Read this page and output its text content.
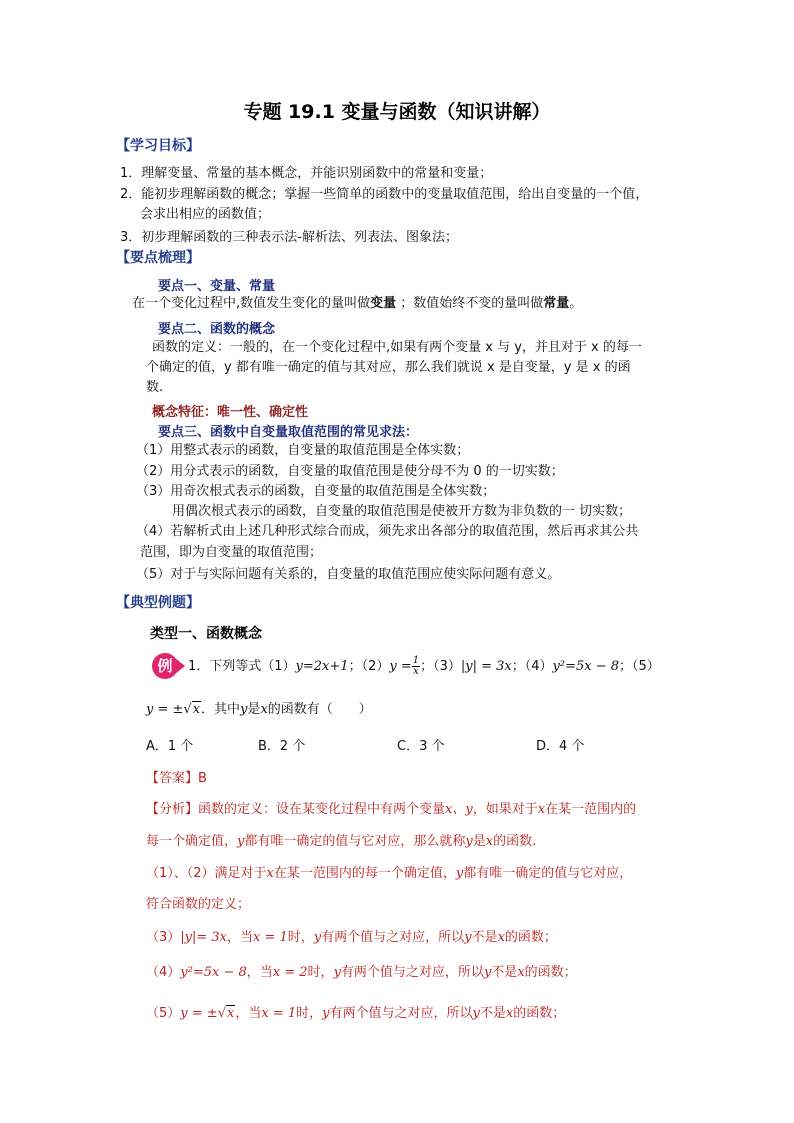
专题 19.1 变量与函数（知识讲解）
【学习目标】
1．理解变量、常量的基本概念，并能识别函数中的常量和变量；
2．能初步理解函数的概念；掌握一些简单的函数中的变量取值范围，给出自变量的一个值，
会求出相应的函数值；
3．初步理解函数的三种表示法-解析法、列表法、图象法；
【要点梳理】
要点一、变量、常量
在一个变化过程中,数值发生变化的量叫做变量 ；数值始终不变的量叫做常量。
要点二、函数的概念
函数的定义：一般的，在一个变化过程中,如果有两个变量 x 与 y，并且对于 x 的每一
个确定的值，y 都有唯一确定的值与其对应，那么我们就说 x 是自变量，y 是 x 的函
数.
概念特征：唯一性、确定性
要点三、函数中自变量取值范围的常见求法：
（1）用整式表示的函数，自变量的取值范围是全体实数；
（2）用分式表示的函数，自变量的取值范围是使分母不为 0 的一切实数；
（3）用奇次根式表示的函数，自变量的取值范围是全体实数；
用偶次根式表示的函数，自变量的取值范围是使被开方数为非负数的一 切实数；
（4）若解析式由上述几种形式综合而成，须先求出各部分的取值范围，然后再求其公共
范围，即为自变量的取值范围；
（5）对于与实际问题有关系的，自变量的取值范围应使实际问题有意义。
【典型例题】
类型一、函数概念
例	1．下列等式（1）y=2x+1；$(2)y = \frac{1}{x}$ ；（3）|y| = 3x；（4）y²=5x − 8；（5）
y = ±√x．其中y是x的函数有（　　）
A．1 个	B．2 个	C．3 个	D．4 个
【答案】B
【分析】函数的定义：设在某变化过程中有两个变量x、y，如果对于x在某一范围内的
每一个确定值，y都有唯一确定的值与它对应，那么就称y是x的函数.
（1）、（2）满足对于x在某一范围内的每一个确定值，y都有唯一确定的值与它对应，
符合函数的定义；
（3）|y|= 3x，当x = 1时，y有两个值与之对应，所以y不是x的函数；
（4）y²=5x − 8，当x = 2时，y有两个值与之对应，所以y不是x的函数；
（5）y = ±√x，当x = 1时，y有两个值与之对应，所以y不是x的函数；
